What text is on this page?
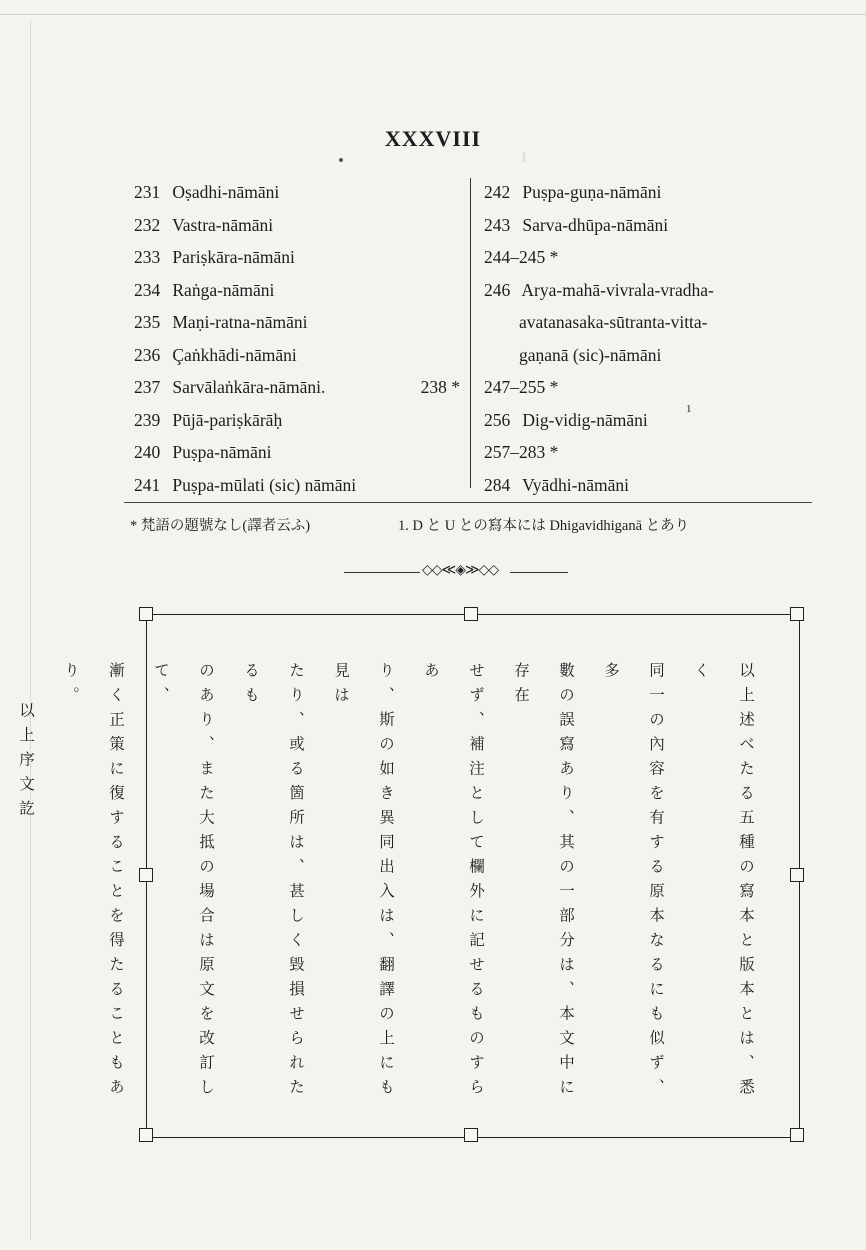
1
XXXVIII
231 Oṣadhi-nāmāni
232 Vastra-nāmāni
233 Pariṣkāra-nāmāni
234 Raṅga-nāmāni
235 Maṇi-ratna-nāmāni
236 Çaṅkhādi-nāmāni
237 Sarvālaṅkāra-nāmāni.	238 *
239 Pūjā-pariṣkārāḥ
240 Puṣpa-nāmāni
241 Puṣpa-mūlati (sic) nāmāni
242 Puṣpa-guṇa-nāmāni
243 Sarva-dhūpa-nāmāni
244–245 *
246 Arya-mahā-vivrala-vradha-
avatanasaka-sūtranta-vitta-
gaṇanā (sic)-nāmāni
247–255 *
256 Dig-vidig-nāmāni
1
257–283 *
284 Vyādhi-nāmāni
* 梵語の題號なし(譯者云ふ)	1. D と U との寫本には Dhigavidhiganā とあり
◇◇≪◈≫◇◇

以上述べたる五種の寫本と版本とは、悉く

同一の內容を有する原本なるにも似ず、多

數の誤寫あり、其の一部分は、本文中に存在

せず、補注として欄外に記せるものすらあ

り、斯の如き異同出入は、翻譯の上にも見は

たり、或る箇所は、甚しく毀損せられたるも

のあり、また大抵の場合は原文を改訂して、

漸く正策に復することを得たることもあり。

以上序文訖
